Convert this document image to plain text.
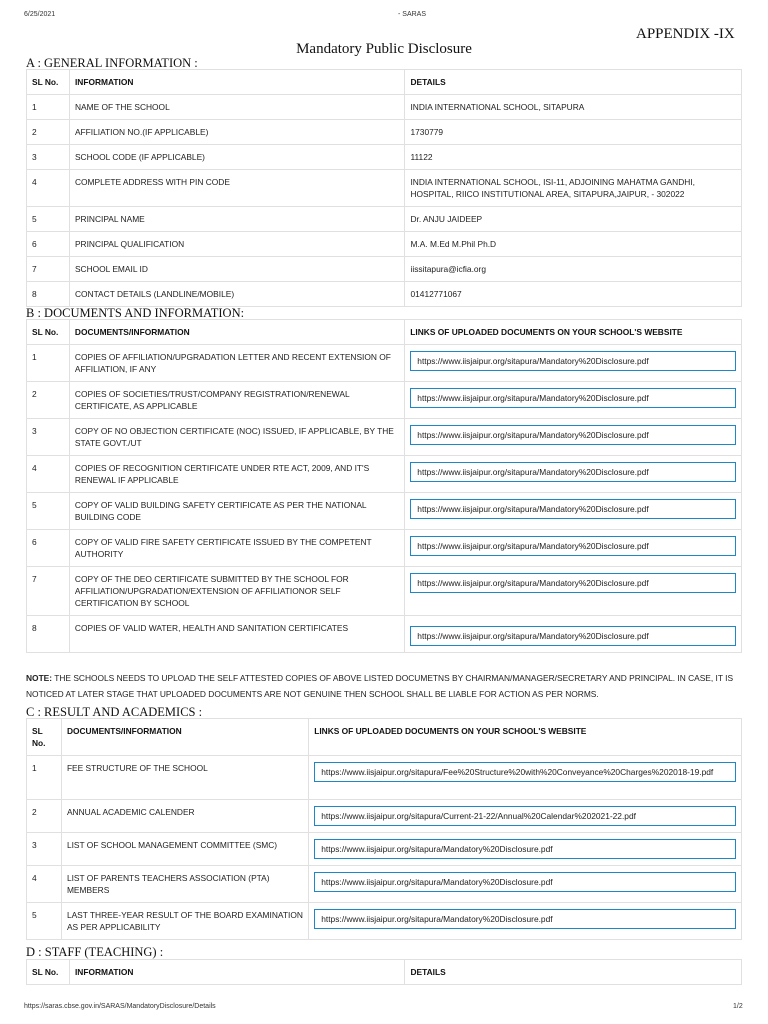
6/25/2021	- SARAS
APPENDIX -IX
Mandatory Public Disclosure
A : GENERAL INFORMATION :
SL No.	INFORMATION	DETAILS
1	NAME OF THE SCHOOL	INDIA INTERNATIONAL SCHOOL, SITAPURA
2	AFFILIATION NO.(IF APPLICABLE)	1730779
3	SCHOOL CODE (IF APPLICABLE)	11122
4	COMPLETE ADDRESS WITH PIN CODE	INDIA INTERNATIONAL SCHOOL, ISI-11, ADJOINING MAHATMA GANDHI, HOSPITAL, RIICO INSTITUTIONAL AREA, SITAPURA,JAIPUR, - 302022
5	PRINCIPAL NAME	Dr. ANJU JAIDEEP
6	PRINCIPAL QUALIFICATION	M.A. M.Ed M.Phil Ph.D
7	SCHOOL EMAIL ID	iissitapura@icfia.org
8	CONTACT DETAILS (LANDLINE/MOBILE)	01412771067
B : DOCUMENTS AND INFORMATION:
SL No.	DOCUMENTS/INFORMATION	LINKS OF UPLOADED DOCUMENTS ON YOUR SCHOOL'S WEBSITE
1	COPIES OF AFFILIATION/UPGRADATION LETTER AND RECENT EXTENSION OF AFFILIATION, IF ANY	https://www.iisjaipur.org/sitapura/Mandatory%20Disclosure.pdf

2	COPIES OF SOCIETIES/TRUST/COMPANY REGISTRATION/RENEWAL CERTIFICATE, AS APPLICABLE	https://www.iisjaipur.org/sitapura/Mandatory%20Disclosure.pdf

3	COPY OF NO OBJECTION CERTIFICATE (NOC) ISSUED, IF APPLICABLE, BY THE STATE GOVT./UT	https://www.iisjaipur.org/sitapura/Mandatory%20Disclosure.pdf

4	COPIES OF RECOGNITION CERTIFICATE UNDER RTE ACT, 2009, AND IT'S RENEWAL IF APPLICABLE	https://www.iisjaipur.org/sitapura/Mandatory%20Disclosure.pdf

5	COPY OF VALID BUILDING SAFETY CERTIFICATE AS PER THE NATIONAL BUILDING CODE	https://www.iisjaipur.org/sitapura/Mandatory%20Disclosure.pdf

6	COPY OF VALID FIRE SAFETY CERTIFICATE ISSUED BY THE COMPETENT AUTHORITY	https://www.iisjaipur.org/sitapura/Mandatory%20Disclosure.pdf

7	COPY OF THE DEO CERTIFICATE SUBMITTED BY THE SCHOOL FOR AFFILIATION/UPGRADATION/EXTENSION OF AFFILIATIONOR SELF CERTIFICATION BY SCHOOL	https://www.iisjaipur.org/sitapura/Mandatory%20Disclosure.pdf

8	COPIES OF VALID WATER, HEALTH AND SANITATION CERTIFICATES	https://www.iisjaipur.org/sitapura/Mandatory%20Disclosure.pdf
NOTE: THE SCHOOLS NEEDS TO UPLOAD THE SELF ATTESTED COPIES OF ABOVE LISTED DOCUMETNS BY CHAIRMAN/MANAGER/SECRETARY AND PRINCIPAL. IN CASE, IT IS NOTICED AT LATER STAGE THAT UPLOADED DOCUMENTS ARE NOT GENUINE THEN SCHOOL SHALL BE LIABLE FOR ACTION AS PER NORMS.
C : RESULT AND ACADEMICS :
SL No.	DOCUMENTS/INFORMATION	LINKS OF UPLOADED DOCUMENTS ON YOUR SCHOOL'S WEBSITE
1	FEE STRUCTURE OF THE SCHOOL	https://www.iisjaipur.org/sitapura/Fee%20Structure%20with%20Conveyance%20Charges%202018-19.pdf

2	ANNUAL ACADEMIC CALENDER	https://www.iisjaipur.org/sitapura/Current-21-22/Annual%20Calendar%202021-22.pdf

3	LIST OF SCHOOL MANAGEMENT COMMITTEE (SMC)	https://www.iisjaipur.org/sitapura/Mandatory%20Disclosure.pdf

4	LIST OF PARENTS TEACHERS ASSOCIATION (PTA) MEMBERS	https://www.iisjaipur.org/sitapura/Mandatory%20Disclosure.pdf

5	LAST THREE-YEAR RESULT OF THE BOARD EXAMINATION AS PER APPLICABILITY	https://www.iisjaipur.org/sitapura/Mandatory%20Disclosure.pdf
D : STAFF (TEACHING) :
SL No.	INFORMATION	DETAILS
https://saras.cbse.gov.in/SARAS/MandatoryDisclosure/Details	1/2
